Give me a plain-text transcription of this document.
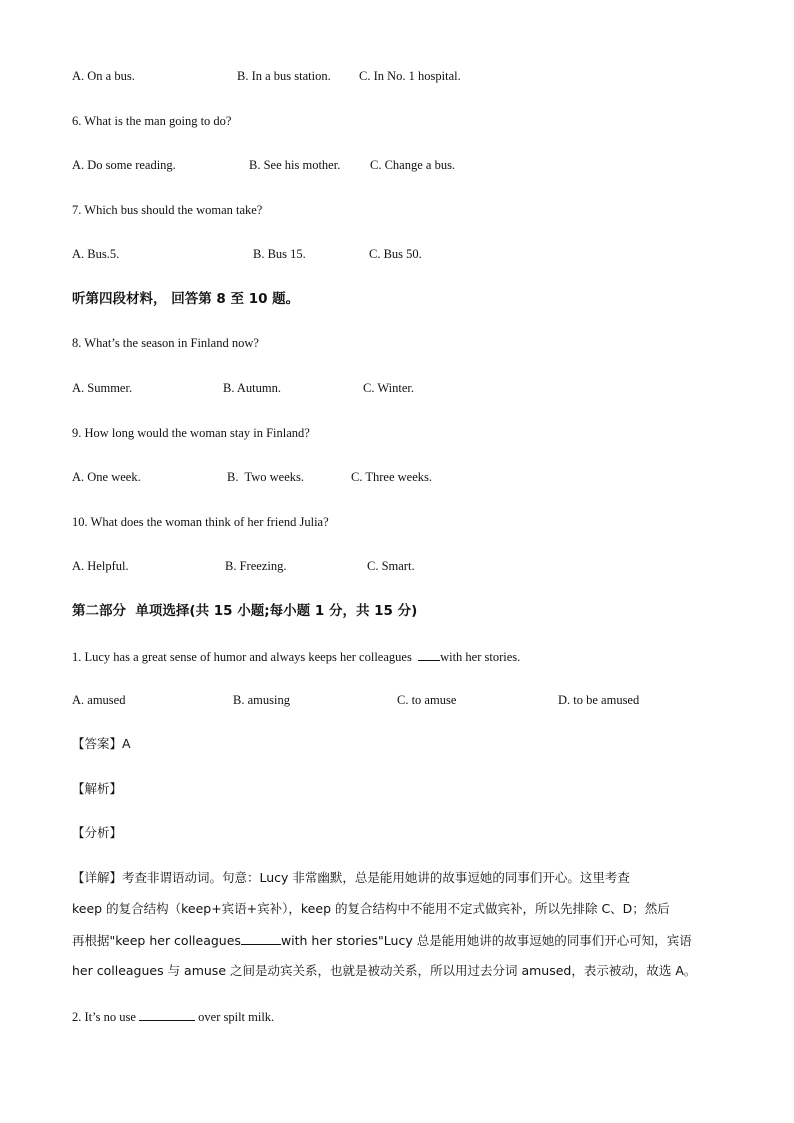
A. On a bus.	B. In a bus station. C. In No. 1 hospital.
6. What is the man going to do?
A. Do some reading.	B. See his mother. C. Change a bus.
7. Which bus should the woman take?
A. Bus.5.	B. Bus 15.	C. Bus 50.
听第四段材料， 回答第 8 至 10 题。
8. What’s the season in Finland now?
A. Summer.	B. Autumn.	C. Winter.
9. How long would the woman stay in Finland?
A. One week.	B.  Two weeks.	C. Three weeks.
10. What does the woman think of her friend Julia?
A. Helpful.	B. Freezing.	C. Smart.
第二部分  单项选择(共 15 小题;每小题 1 分，共 15 分)
1. Lucy has a great sense of humor and always keeps her colleagues with her stories.
A. amused	B. amusing	C. to amuse	D. to be amused
【答案】A
【解析】
【分析】
【详解】考查非谓语动词。句意：Lucy 非常幽默，总是能用她讲的故事逗她的同事们开心。这里考查
keep 的复合结构（keep+宾语+宾补），keep 的复合结构中不能用不定式做宾补，所以先排除 C、D；然后
再根据"keep her colleagues	with her stories"Lucy 总是能用她讲的故事逗她的同事们开心可知，宾语
her colleagues 与 amuse 之间是动宾关系，也就是被动关系，所以用过去分词 amused，表示被动，故选 A。
2. It’s no use	over spilt milk.
